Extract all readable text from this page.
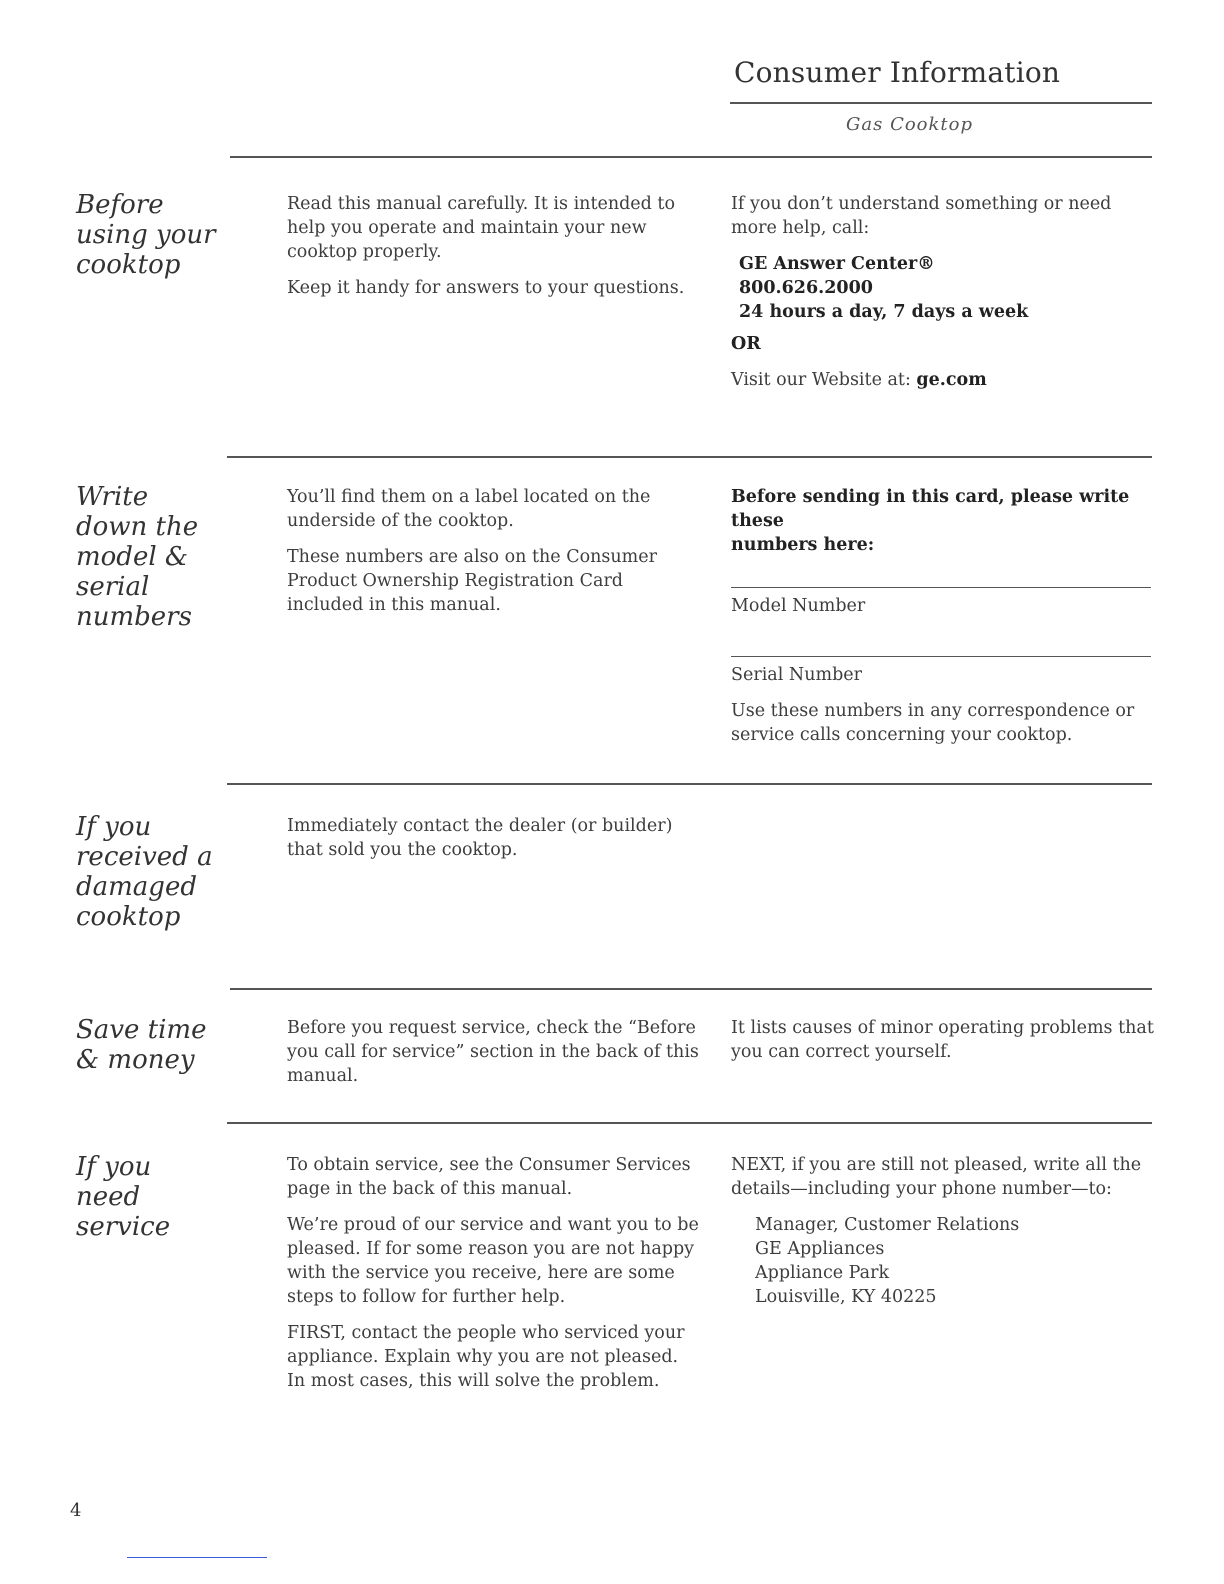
Consumer Information
Gas Cooktop
Before
using your
cooktop

Read this manual carefully. It is intended to
help you operate and maintain your new
cooktop properly.

Keep it handy for answers to your questions.

If you don’t understand something or need
more help, call:

GE Answer Center®
800.626.2000
24 hours a day, 7 days a week

OR

Visit our Website at: ge.com

Write
down the
model &
serial
numbers

You’ll find them on a label located on the
underside of the cooktop.

These numbers are also on the Consumer
Product Ownership Registration Card
included in this manual.

Before sending in this card, please write these
numbers here:

Model Number
Serial Number

Use these numbers in any correspondence or
service calls concerning your cooktop.

If you
received a
damaged
cooktop

Immediately contact the dealer (or builder)
that sold you the cooktop.

Save time
& money

Before you request service, check the “Before
you call for service” section in the back of this
manual.

It lists causes of minor operating problems that
you can correct yourself.

If you
need
service

To obtain service, see the Consumer Services
page in the back of this manual.

We’re proud of our service and want you to be
pleased. If for some reason you are not happy
with the service you receive, here are some
steps to follow for further help.

FIRST, contact the people who serviced your
appliance. Explain why you are not pleased.
In most cases, this will solve the problem.

NEXT, if you are still not pleased, write all the
details—including your phone number—to:

Manager, Customer Relations
GE Appliances
Appliance Park
Louisville, KY 40225
4
